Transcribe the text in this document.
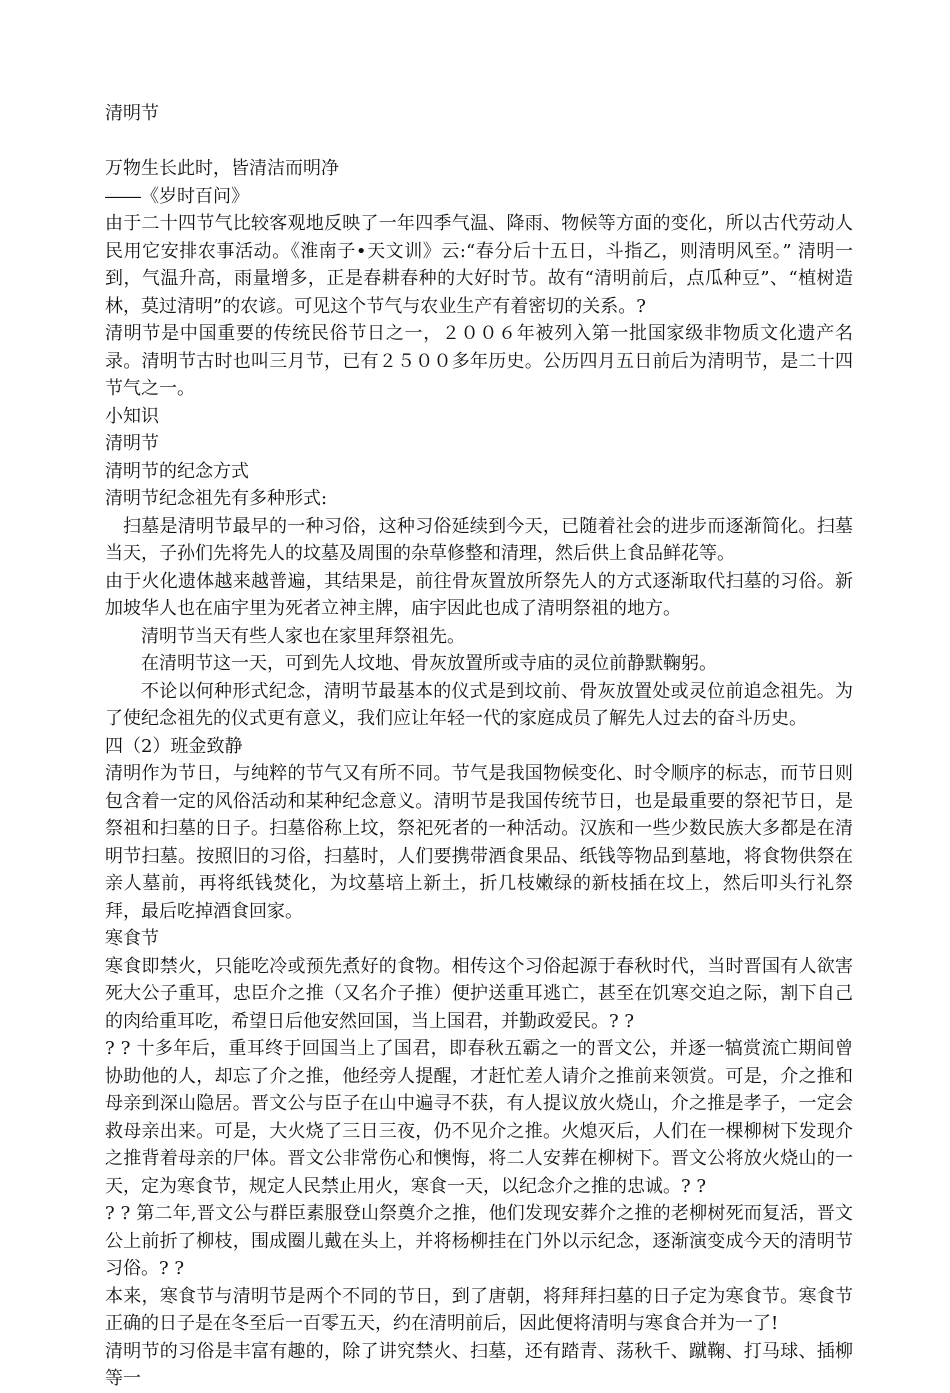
清明节

万物生长此时，皆清洁而明净

――《岁时百问》

由于二十四节气比较客观地反映了一年四季气温、降雨、物候等方面的变化，所以古代劳动人民用它安排农事活动。《淮南子•天文训》云:“春分后十五日，斗指乙，则清明风至。” 清明一到，气温升高，雨量增多，正是春耕春种的大好时节。故有“清明前后，点瓜种豆”、“植树造林，莫过清明”的农谚。可见这个节气与农业生产有着密切的关系。?

清明节是中国重要的传统民俗节日之一，２００６年被列入第一批国家级非物质文化遗产名录。清明节古时也叫三月节，已有２５００多年历史。公历四月五日前后为清明节，是二十四节气之一。

小知识

清明节

清明节的纪念方式

清明节纪念祖先有多种形式:

扫墓是清明节最早的一种习俗，这种习俗延续到今天，已随着社会的进步而逐渐简化。扫墓当天，子孙们先将先人的坟墓及周围的杂草修整和清理，然后供上食品鲜花等。

由于火化遗体越来越普遍，其结果是，前往骨灰置放所祭先人的方式逐渐取代扫墓的习俗。新加坡华人也在庙宇里为死者立神主牌，庙宇因此也成了清明祭祖的地方。

清明节当天有些人家也在家里拜祭祖先。

在清明节这一天，可到先人坟地、骨灰放置所或寺庙的灵位前静默鞠躬。

不论以何种形式纪念，清明节最基本的仪式是到坟前、骨灰放置处或灵位前追念祖先。为了使纪念祖先的仪式更有意义，我们应让年轻一代的家庭成员了解先人过去的奋斗历史。

四（2）班金致静

清明作为节日，与纯粹的节气又有所不同。节气是我国物候变化、时令顺序的标志，而节日则包含着一定的风俗活动和某种纪念意义。清明节是我国传统节日，也是最重要的祭祀节日，是祭祖和扫墓的日子。扫墓俗称上坟，祭祀死者的一种活动。汉族和一些少数民族大多都是在清明节扫墓。按照旧的习俗，扫墓时，人们要携带酒食果品、纸钱等物品到墓地，将食物供祭在亲人墓前，再将纸钱焚化，为坟墓培上新土，折几枝嫩绿的新枝插在坟上，然后叩头行礼祭拜，最后吃掉酒食回家。

寒食节

寒食即禁火，只能吃冷或预先煮好的食物。相传这个习俗起源于春秋时代，当时晋国有人欲害死大公子重耳，忠臣介之推（又名介子推）便护送重耳逃亡，甚至在饥寒交迫之际，割下自己的肉给重耳吃，希望日后他安然回国，当上国君，并勤政爱民。? ?

? ? 十多年后，重耳终于回国当上了国君，即春秋五霸之一的晋文公，并逐一犒赏流亡期间曾协助他的人，却忘了介之推，他经旁人提醒，才赶忙差人请介之推前来领赏。可是，介之推和母亲到深山隐居。晋文公与臣子在山中遍寻不获，有人提议放火烧山，介之推是孝子，一定会救母亲出来。可是，大火烧了三日三夜，仍不见介之推。火熄灭后，人们在一棵柳树下发现介之推背着母亲的尸体。晋文公非常伤心和懊悔，将二人安葬在柳树下。晋文公将放火烧山的一天，定为寒食节，规定人民禁止用火，寒食一天，以纪念介之推的忠诚。? ?

? ? 第二年,晋文公与群臣素服登山祭奠介之推，他们发现安葬介之推的老柳树死而复活，晋文公上前折了柳枝，围成圈儿戴在头上，并将杨柳挂在门外以示纪念，逐渐演变成今天的清明节习俗。? ?

本来，寒食节与清明节是两个不同的节日，到了唐朝，将拜拜扫墓的日子定为寒食节。寒食节正确的日子是在冬至后一百零五天，约在清明前后，因此便将清明与寒食合并为一了!

清明节的习俗是丰富有趣的，除了讲究禁火、扫墓，还有踏青、荡秋千、蹴鞠、打马球、插柳等一
